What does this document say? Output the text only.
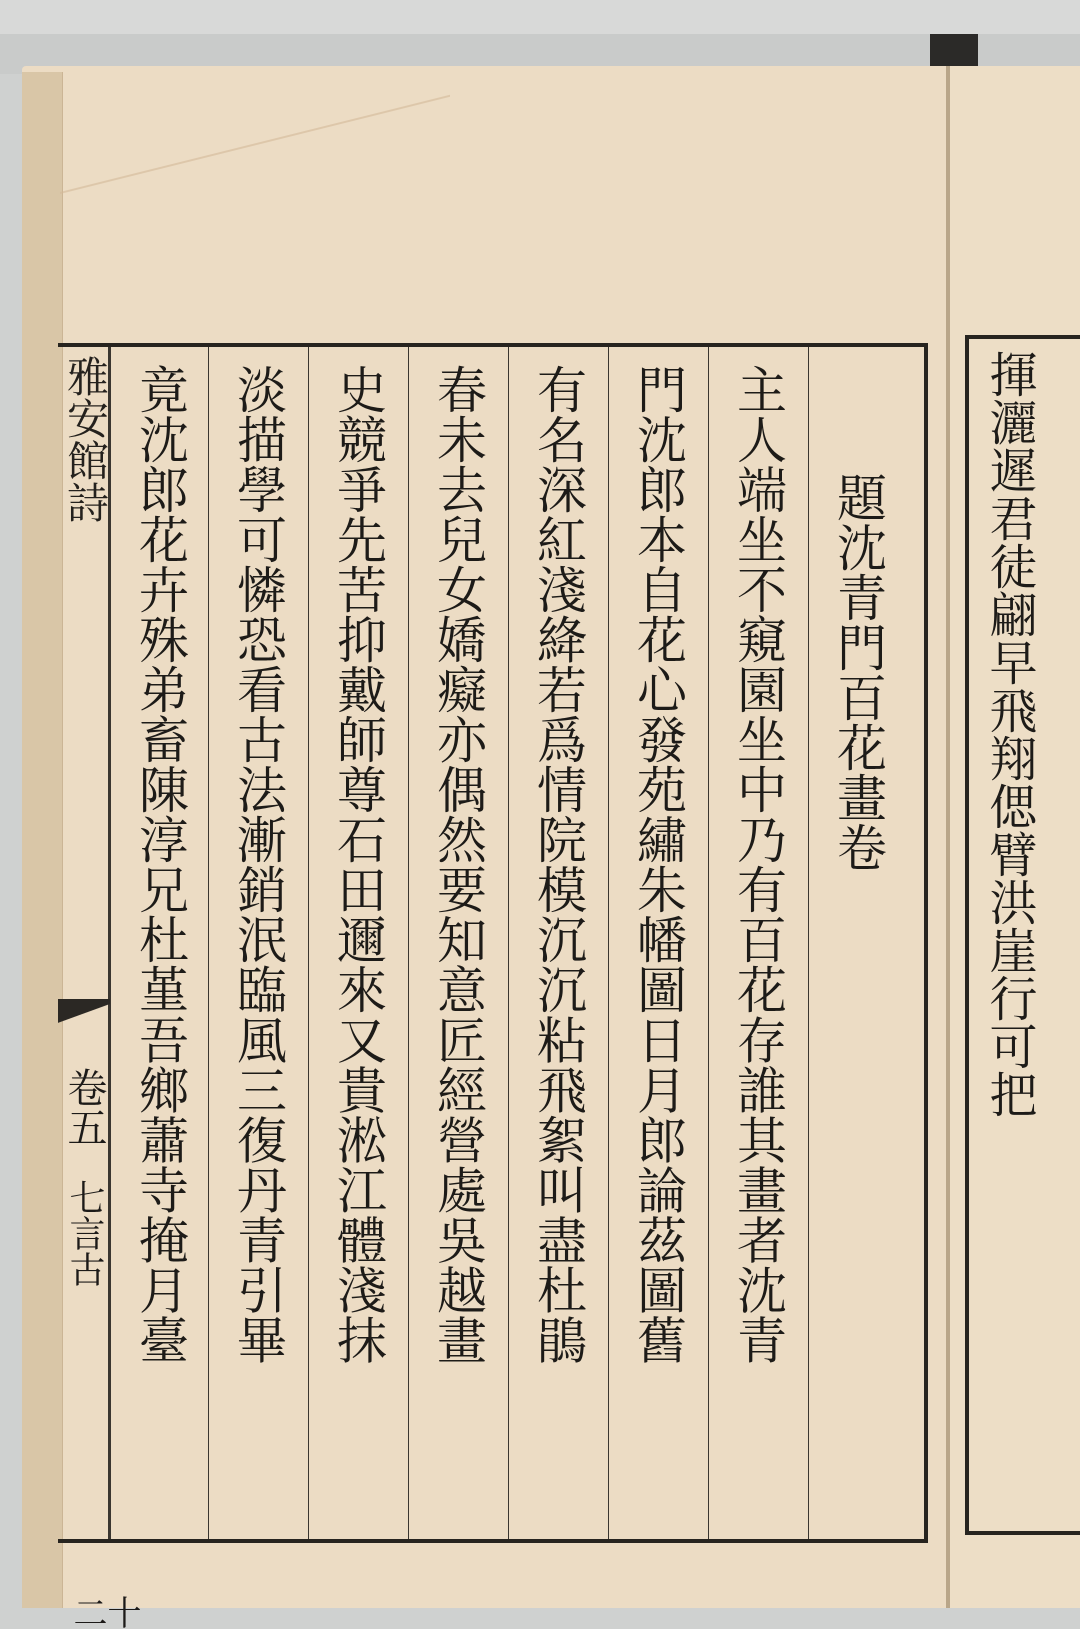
雅安館詩
卷五
七言古
十二
題沈青門百花畫卷
主人端坐不窺園坐中乃有百花存誰其畫者沈青
門沈郎本自花心發苑繡朱幡圖日月郎論茲圖舊
有名深紅淺絳若爲情院模沉沉粘飛絮叫盡杜鵑
春未去兒女嬌癡亦偶然要知意匠經營處吳越畫
史競爭先苦抑戴師尊石田邇來又貴淞江體淺抹
淡描學可憐恐看古法漸銷泯臨風三復丹青引畢
竟沈郎花卉殊弟畜陳淳兄杜堇吾鄉蕭寺掩月臺	揮灑遲君徒翩早飛翔偲臂洪崖行可把
